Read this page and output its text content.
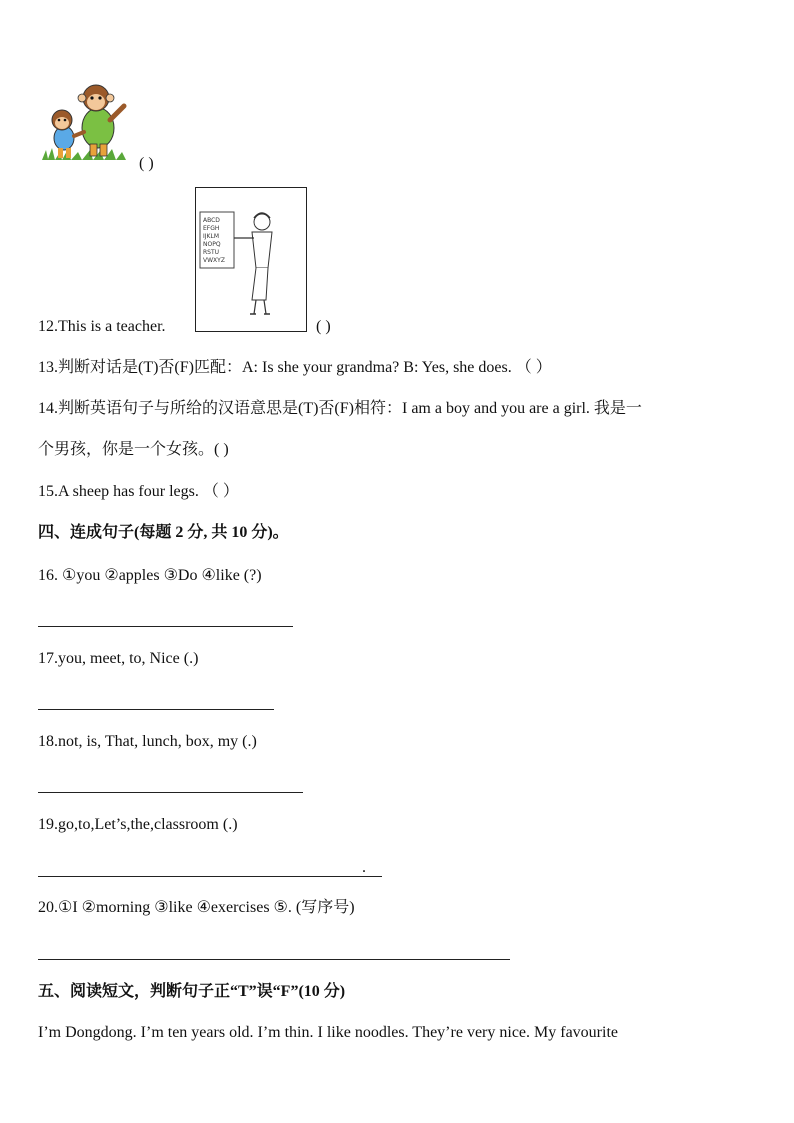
( )
ABCD
EFGH
IJKLM
NOPQ
RSTU
VWXYZ
12.This is a teacher.	( )
13.判断对话是(T)否(F)匹配：A: Is she your grandma? B: Yes, she does. （ ）
14.判断英语句子与所给的汉语意思是(T)否(F)相符：I am a boy and you are a girl. 我是一
个男孩，你是一个女孩。( )
15.A sheep has four legs. （ ）
四、连成句子(每题 2 分, 共 10 分)。
16. ①you ②apples ③Do ④like (?)
17.you, meet, to, Nice (.)
18.not, is, That, lunch, box, my (.)
19.go,to,Let’s,the,classroom (.)
.
20.①I ②morning ③like ④exercises ⑤. (写序号)
五、阅读短文，判断句子正“T”误“F”(10 分)
I’m Dongdong. I’m ten years old. I’m thin. I like noodles. They’re very nice. My favourite
